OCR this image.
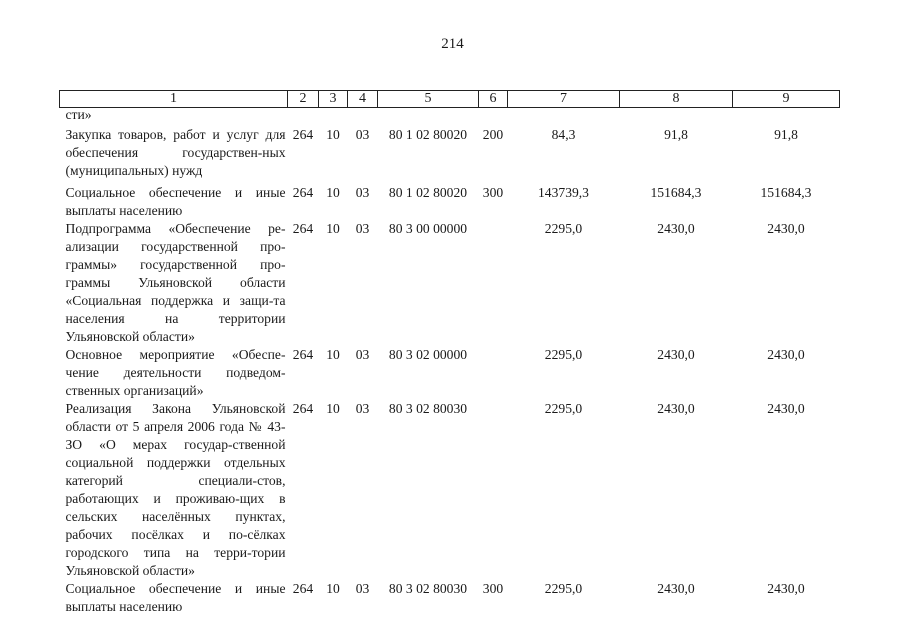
214
1	2	3	4	5	6	7	8	9
сти»								
Закупка товаров, работ и услуг для обеспечения государствен-ных (муниципальных) нужд	264	10	03	80 1 02 80020	200	84,3	91,8	91,8
Социальное обеспечение и иные выплаты населению	264	10	03	80 1 02 80020	300	143739,3	151684,3	151684,3
Подпрограмма «Обеспечение ре-ализации государственной про-граммы» государственной про-граммы Ульяновской области «Социальная поддержка и защи-та населения на территории Ульяновской области»	264	10	03	80 3 00 00000		2295,0	2430,0	2430,0
Основное мероприятие «Обеспе-чение деятельности подведом-ственных организаций»	264	10	03	80 3 02 00000		2295,0	2430,0	2430,0
Реализация Закона Ульяновской области от 5 апреля 2006 года № 43-ЗО «О мерах государ-ственной социальной поддержки отдельных категорий специали-стов, работающих и проживаю-щих в сельских населённых пунктах, рабочих посёлках и по-сёлках городского типа на терри-тории Ульяновской области»	264	10	03	80 3 02 80030		2295,0	2430,0	2430,0
Социальное обеспечение и иные выплаты населению	264	10	03	80 3 02 80030	300	2295,0	2430,0	2430,0
